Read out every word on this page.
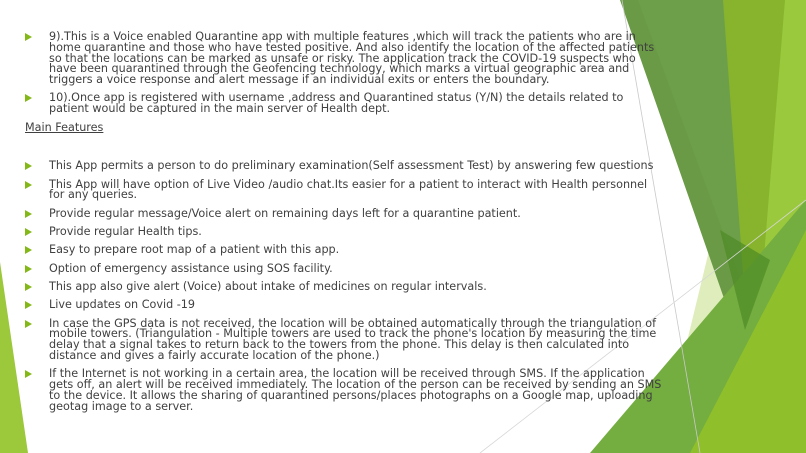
9).This is a Voice enabled Quarantine app with multiple features ,which will track the patients who are in home quarantine and those who have tested positive. And also identify the location of the affected patients so that the locations can be marked as unsafe or risky. The application track the COVID-19 suspects who have been quarantined through the Geofencing technology, which marks a virtual geographic area and triggers a voice response and alert message if an individual exits or enters the boundary.
10).Once app is registered with username ,address and Quarantined status (Y/N) the details related to patient would be captured in the main server of Health dept.
Main Features
This App permits a person to do preliminary examination(Self assessment Test) by answering few questions
This App will have option of Live Video /audio chat.Its easier for a patient to interact with Health personnel for any queries.
Provide regular message/Voice alert on remaining days left for a quarantine patient.
Provide regular Health tips.
Easy to prepare root map of a patient with this app.
Option of emergency assistance using SOS facility.
This app also give alert (Voice) about intake of medicines on regular intervals.
Live updates on Covid -19
In case the GPS data is not received, the location will be obtained automatically through the triangulation of mobile towers. (Triangulation - Multiple towers are used to track the phone's location by measuring the time delay that a signal takes to return back to the towers from the phone. This delay is then calculated into distance and gives a fairly accurate location of the phone.)
If the Internet is not working in a certain area, the location will be received through SMS. If the application gets off, an alert will be received immediately. The location of the person can be received by sending an SMS to the device. It allows the sharing of quarantined persons/places photographs on a Google map, uploading geotag image to a server.
